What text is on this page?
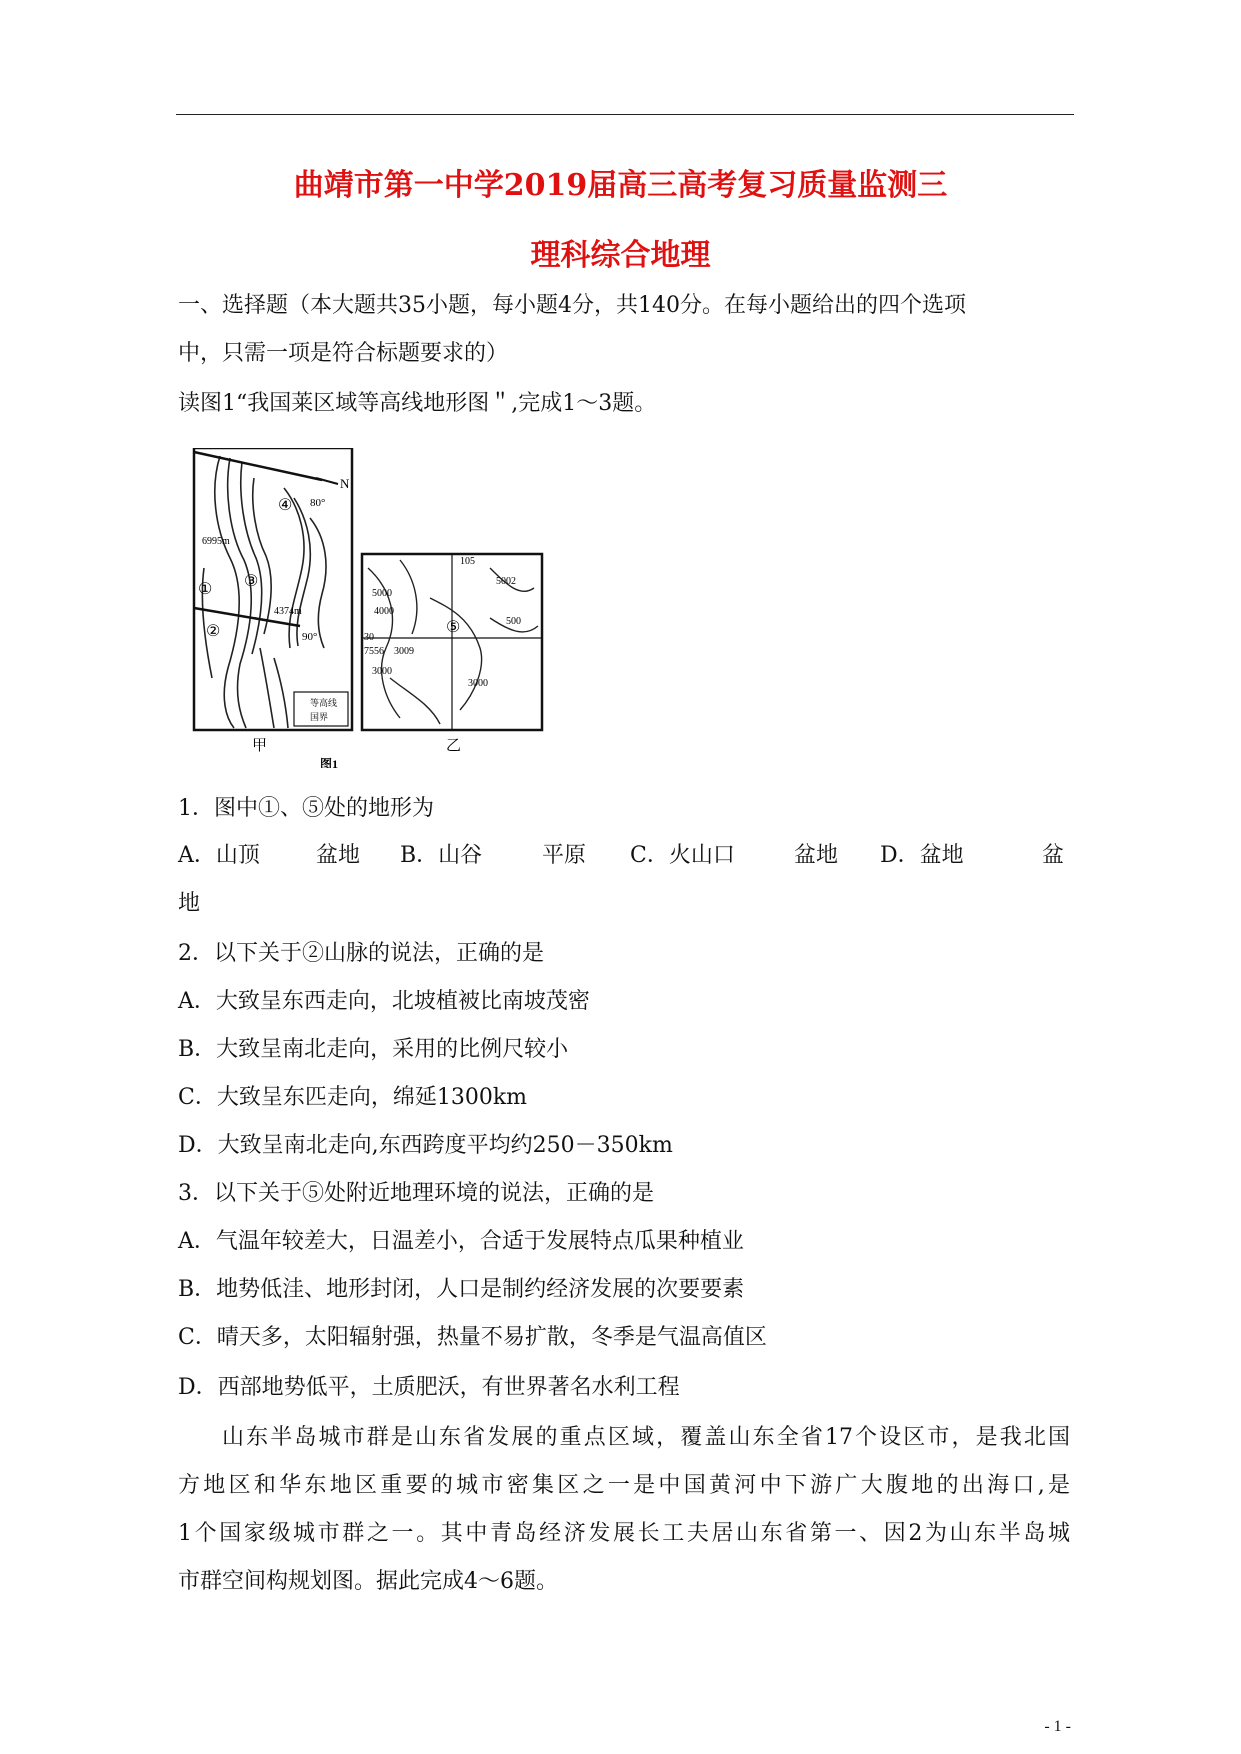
曲靖市第一中学2019届高三高考复习质量监测三
理科综合地理
一、选择题（本大题共35小题，每小题4分，共140分。在每小题给出的四个选项
中，只需一项是符合标题要求的）
读图1“我国莱区域等高线地形图＂,完成1～3题。
N
80°
90°
6995m
4374m
①
②
③
④
等高线
国界
甲
105
5000
4000
30
7556 3009
3000
5002
500
3000
⑤
乙
图1
1．图中①、⑤处的地形为
A．山顶	盆地 B．山谷	平原 C．火山口	盆地 D．盆地	盆
地
2．以下关于②山脉的说法，正确的是
A．大致呈东西走向，北坡植被比南坡茂密
B．大致呈南北走向，采用的比例尺较小
C．大致呈东匹走向，绵延1300km
D．大致呈南北走向,东西跨度平均约250－350km
3．以下关于⑤处附近地理环境的说法，正确的是
A．气温年较差大，日温差小，合适于发展特点瓜果种植业
B．地势低洼、地形封闭，人口是制约经济发展的次要要素
C．晴天多，太阳辐射强，热量不易扩散，冬季是气温高值区
D．西部地势低平，土质肥沃，有世界著名水利工程
山东半岛城市群是山东省发展的重点区域，覆盖山东全省17个设区市，是我北国
方地区和华东地区重要的城市密集区之一是中国黄河中下游广大腹地的出海口,是
1个国家级城市群之一。其中青岛经济发展长工夫居山东省第一、因2为山东半岛城
市群空间构规划图。据此完成4～6题。
- 1 -
